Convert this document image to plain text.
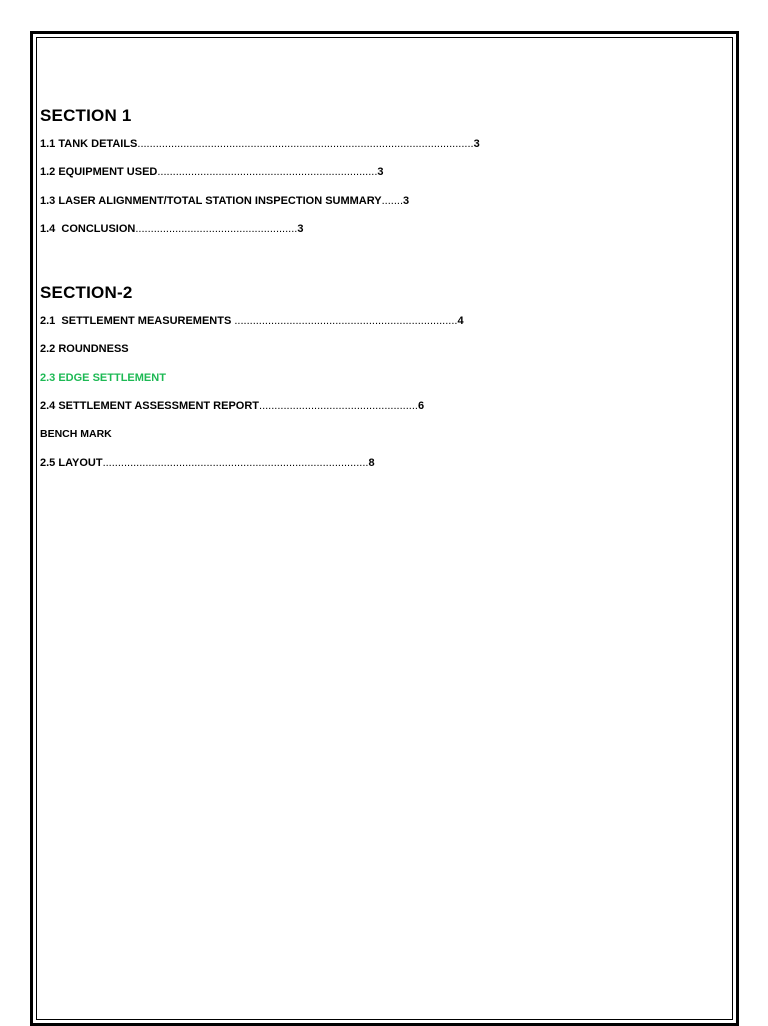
SECTION 1
1.1 TANK DETAILS..............................................................................................................3
1.2 EQUIPMENT USED........................................................................3
1.3 LASER ALIGNMENT/TOTAL STATION INSPECTION SUMMARY.......3
1.4  CONCLUSION.....................................................3
SECTION-2
2.1  SETTLEMENT MEASUREMENTS .........................................................................4
2.2 ROUNDNESS
2.3 EDGE SETTLEMENT
2.4 SETTLEMENT ASSESSMENT REPORT....................................................6
BENCH MARK
2.5 LAYOUT.......................................................................................8
